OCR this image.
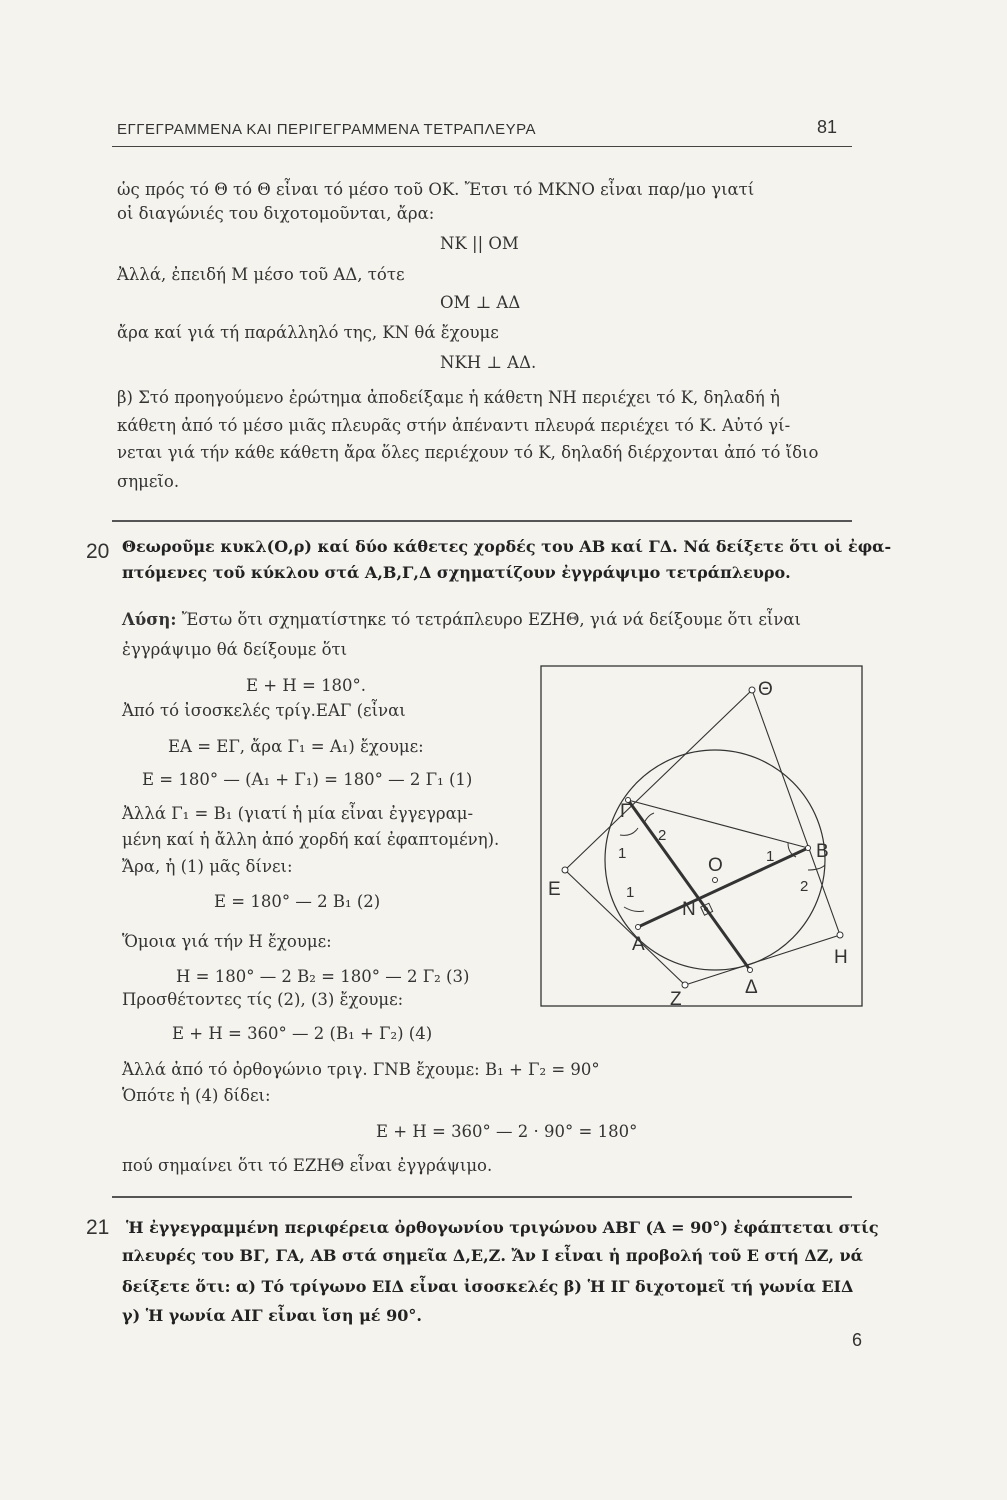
ΕΓΓΕΓΡΑΜΜΕΝΑ ΚΑΙ ΠΕΡΙΓΕΓΡΑΜΜΕΝΑ ΤΕΤΡΑΠΛΕΥΡΑ	81
ὡς πρός τό Θ τό Θ εἶναι τό μέσο τοῦ ΟΚ. Ἔτσι τό ΜΚΝΟ εἶναι παρ/μο γιατί
οἱ διαγώνιές του διχοτομοῦνται, ἄρα:
ΝΚ || ΟΜ
Ἀλλά, ἐπειδή Μ μέσο τοῦ ΑΔ, τότε
ΟΜ ⊥ ΑΔ
ἄρα καί γιά τή παράλληλό της, ΚΝ θά ἔχουμε
ΝΚΗ ⊥ ΑΔ.
β) Στό προηγούμενο ἐρώτημα ἀποδείξαμε ἡ κάθετη ΝΗ περιέχει τό Κ, δηλαδή ἡ
κάθετη ἀπό τό μέσο μιᾶς πλευρᾶς στήν ἀπέναντι πλευρά περιέχει τό Κ. Αὐτό γί-
νεται γιά τήν κάθε κάθετη ἄρα ὅλες περιέχουν τό Κ, δηλαδή διέρχονται ἀπό τό ἴδιο
σημεῖο.
20 Θεωροῦμε κυκλ(Ο,ρ) καί δύο κάθετες χορδές του ΑΒ καί ΓΔ. Νά δείξετε ὅτι οἱ ἐφα-
πτόμενες τοῦ κύκλου στά Α,Β,Γ,Δ σχηματίζουν ἐγγράψιμο τετράπλευρο.
Λύση: Ἔστω ὅτι σχηματίστηκε τό τετράπλευρο ΕΖΗΘ, γιά νά δείξουμε ὅτι εἶναι
ἐγγράψιμο θά δείξουμε ὅτι
Ε + Η = 180°.
Ἀπό τό ἰσοσκελές τρίγ.ΕΑΓ (εἶναι
ΕΑ = ΕΓ, ἄρα Γ₁ = Α₁) ἔχουμε:
Ε = 180° — (Α₁ + Γ₁) = 180° — 2 Γ₁ (1)
Ἀλλά Γ₁ = Β₁ (γιατί ἡ μία εἶναι ἐγγεγραμ-
μένη καί ἡ ἄλλη ἀπό χορδή καί ἐφαπτομένη).
Ἄρα, ἡ (1) μᾶς δίνει:
Ε = 180° — 2 Β₁ (2)
Ὅμοια γιά τήν Η ἔχουμε:
Η = 180° — 2 Β₂ = 180° — 2 Γ₂ (3)
Προσθέτοντες τίς (2), (3) ἔχουμε:
Ε + Η = 360° — 2 (Β₁ + Γ₂) (4)
Ἀλλά ἀπό τό ὀρθογώνιο τριγ. ΓΝΒ ἔχουμε: Β₁ + Γ₂ = 90°
Ὁπότε ἡ (4) δίδει:
Ε + Η = 360° — 2 · 90° = 180°
πού σημαίνει ὅτι τό ΕΖΗΘ εἶναι ἐγγράψιμο.
Θ
Γ
Β
Ε
Ο
Ν
Α
Δ
Ζ
Η
1
2
1
2
1
21 Ἡ ἐγγεγραμμένη περιφέρεια ὀρθογωνίου τριγώνου ΑΒΓ (Α = 90°) ἐφάπτεται στίς
πλευρές του ΒΓ, ΓΑ, ΑΒ στά σημεῖα Δ,Ε,Ζ. Ἄν Ι εἶναι ἡ προβολή τοῦ Ε στή ΔΖ, νά
δείξετε ὅτι: α) Τό τρίγωνο ΕΙΔ εἶναι ἰσοσκελές β) Ἡ ΙΓ διχοτομεῖ τή γωνία ΕΙΔ
γ) Ἡ γωνία ΑΙΓ εἶναι ἴση μέ 90°.
6
